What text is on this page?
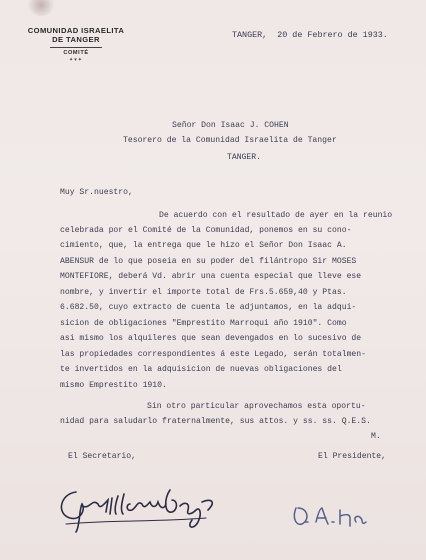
COMUNIDAD ISRAELITA
DE TANGER
COMITÉ
✦▾✦
TANGER,  20 de Febrero de 1933.
Señor Don Isaac J. COHEN
Tesorero de la Comunidad Israelita de Tanger
TANGER.
Muy Sr.nuestro,
De acuerdo con el resultado de ayer en la reunio
celebrada por el Comité de la Comunidad, ponemos en su cono-
cimiento, que, la entrega que le hizo el Señor Don Isaac A.
ABENSUR de lo que poseia en su poder del filántropo Sir MOSES
MONTEFIORE, deberá Vd. abrir una cuenta especial que lleve ese
nombre, y invertir el importe total de Frs.5.659,40 y Ptas.
6.682.50, cuyo extracto de cuenta le adjuntamos, en la adqui-
sicion de obligaciones "Emprestito Marroqui año 1910". Como
asi mismo los alquileres que sean devengados en lo sucesivo de
las propiedades correspondientes á este Legado, serán totalmen-
te invertidos en la adquisicion de nuevas obligaciones del
mismo Emprestito 1910.
Sin otro particular aprovechamos esta oportu-
nidad para saludarlo fraternalmente, sus attos. y ss. ss. Q.E.S.
M.
El Secretario,	El Presidente,
